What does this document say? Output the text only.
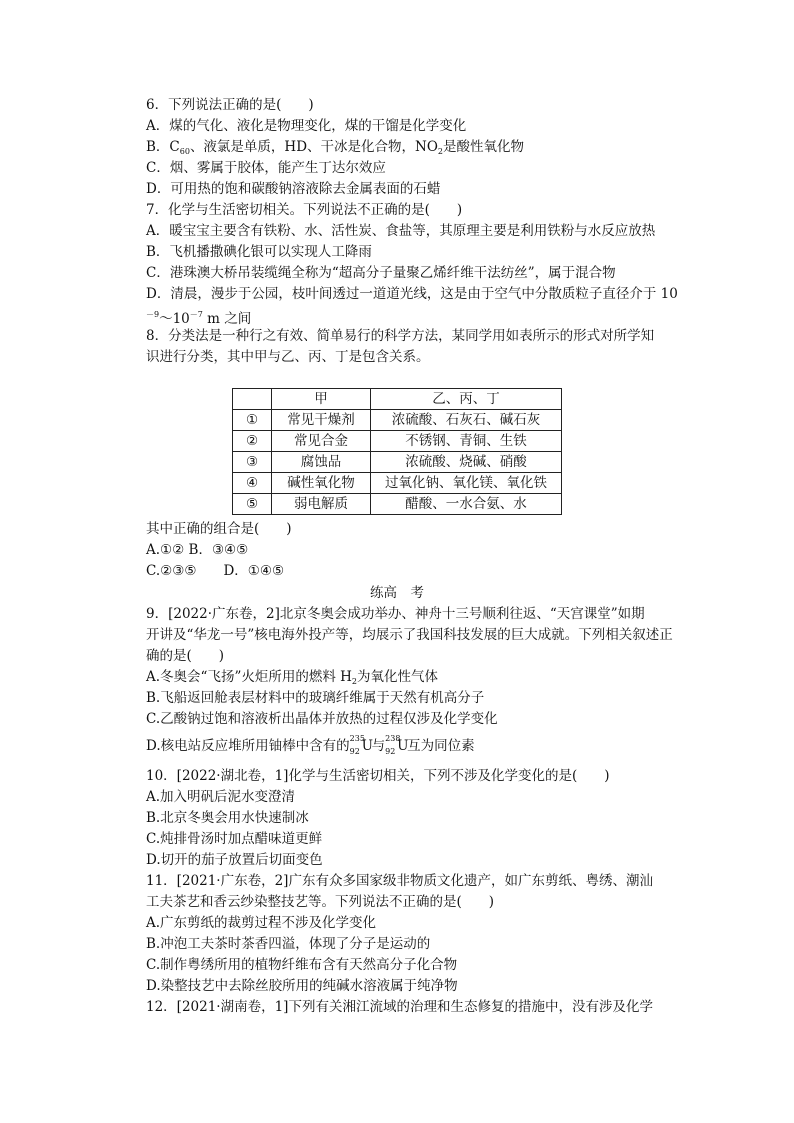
6．下列说法正确的是(　　)
A．煤的气化、液化是物理变化，煤的干馏是化学变化
B．$C_{60}$、液氯是单质，HD、干冰是化合物，$NO_2$是酸性氧化物
C．烟、雾属于胶体，能产生丁达尔效应
D．可用热的饱和碳酸钠溶液除去金属表面的石蜡
7．化学与生活密切相关。下列说法不正确的是(　　)
A．暖宝宝主要含有铁粉、水、活性炭、食盐等，其原理主要是利用铁粉与水反应放热
B．飞机播撒碘化银可以实现人工降雨
C．港珠澳大桥吊装缆绳全称为“超高分子量聚乙烯纤维干法纺丝”，属于混合物
D．清晨，漫步于公园，枝叶间透过一道道光线，这是由于空气中分散质粒子直径介于 10
$^{-9}\sim 10^{-7}$ m 之间
8．分类法是一种行之有效、简单易行的科学方法，某同学用如表所示的形式对所学知
识进行分类，其中甲与乙、丙、丁是包含关系。
	甲	乙、丙、丁
①	常见干燥剂	浓硫酸、石灰石、碱石灰
②	常见合金	不锈钢、青铜、生铁
③	腐蚀品	浓硫酸、烧碱、硝酸
④	碱性氧化物	过氧化钠、氧化镁、氧化铁
⑤	弱电解质	醋酸、一水合氨、水
其中正确的组合是(　　)
A.①② B．③④⑤
C.②③⑤　　D．①④⑤
练高　考
9．[2022·广东卷，2]北京冬奥会成功举办、神舟十三号顺利往返、“天宫课堂”如期
开讲及“华龙一号”核电海外投产等，均展示了我国科技发展的巨大成就。下列相关叙述正
确的是(　　)
A.冬奥会“飞扬”火炬所用的燃料 $H_2$为氧化性气体
B.飞船返回舱表层材料中的玻璃纤维属于天然有机高分子
C.乙酸钠过饱和溶液析出晶体并放热的过程仅涉及化学变化
D.核电站反应堆所用铀棒中含有的 235
92 U
与 238
92 U
互为同位素
10．[2022·湖北卷，1]化学与生活密切相关，下列不涉及化学变化的是(　　)
A.加入明矾后泥水变澄清
B.北京冬奥会用水快速制冰
C.炖排骨汤时加点醋味道更鲜
D.切开的茄子放置后切面变色
11．[2021·广东卷，2]广东有众多国家级非物质文化遗产，如广东剪纸、粤绣、潮汕
工夫茶艺和香云纱染整技艺等。下列说法不正确的是(　　)
A.广东剪纸的裁剪过程不涉及化学变化
B.冲泡工夫茶时茶香四溢，体现了分子是运动的
C.制作粤绣所用的植物纤维布含有天然高分子化合物
D.染整技艺中去除丝胶所用的纯碱水溶液属于纯净物
12．[2021·湖南卷，1]下列有关湘江流域的治理和生态修复的措施中，没有涉及化学
